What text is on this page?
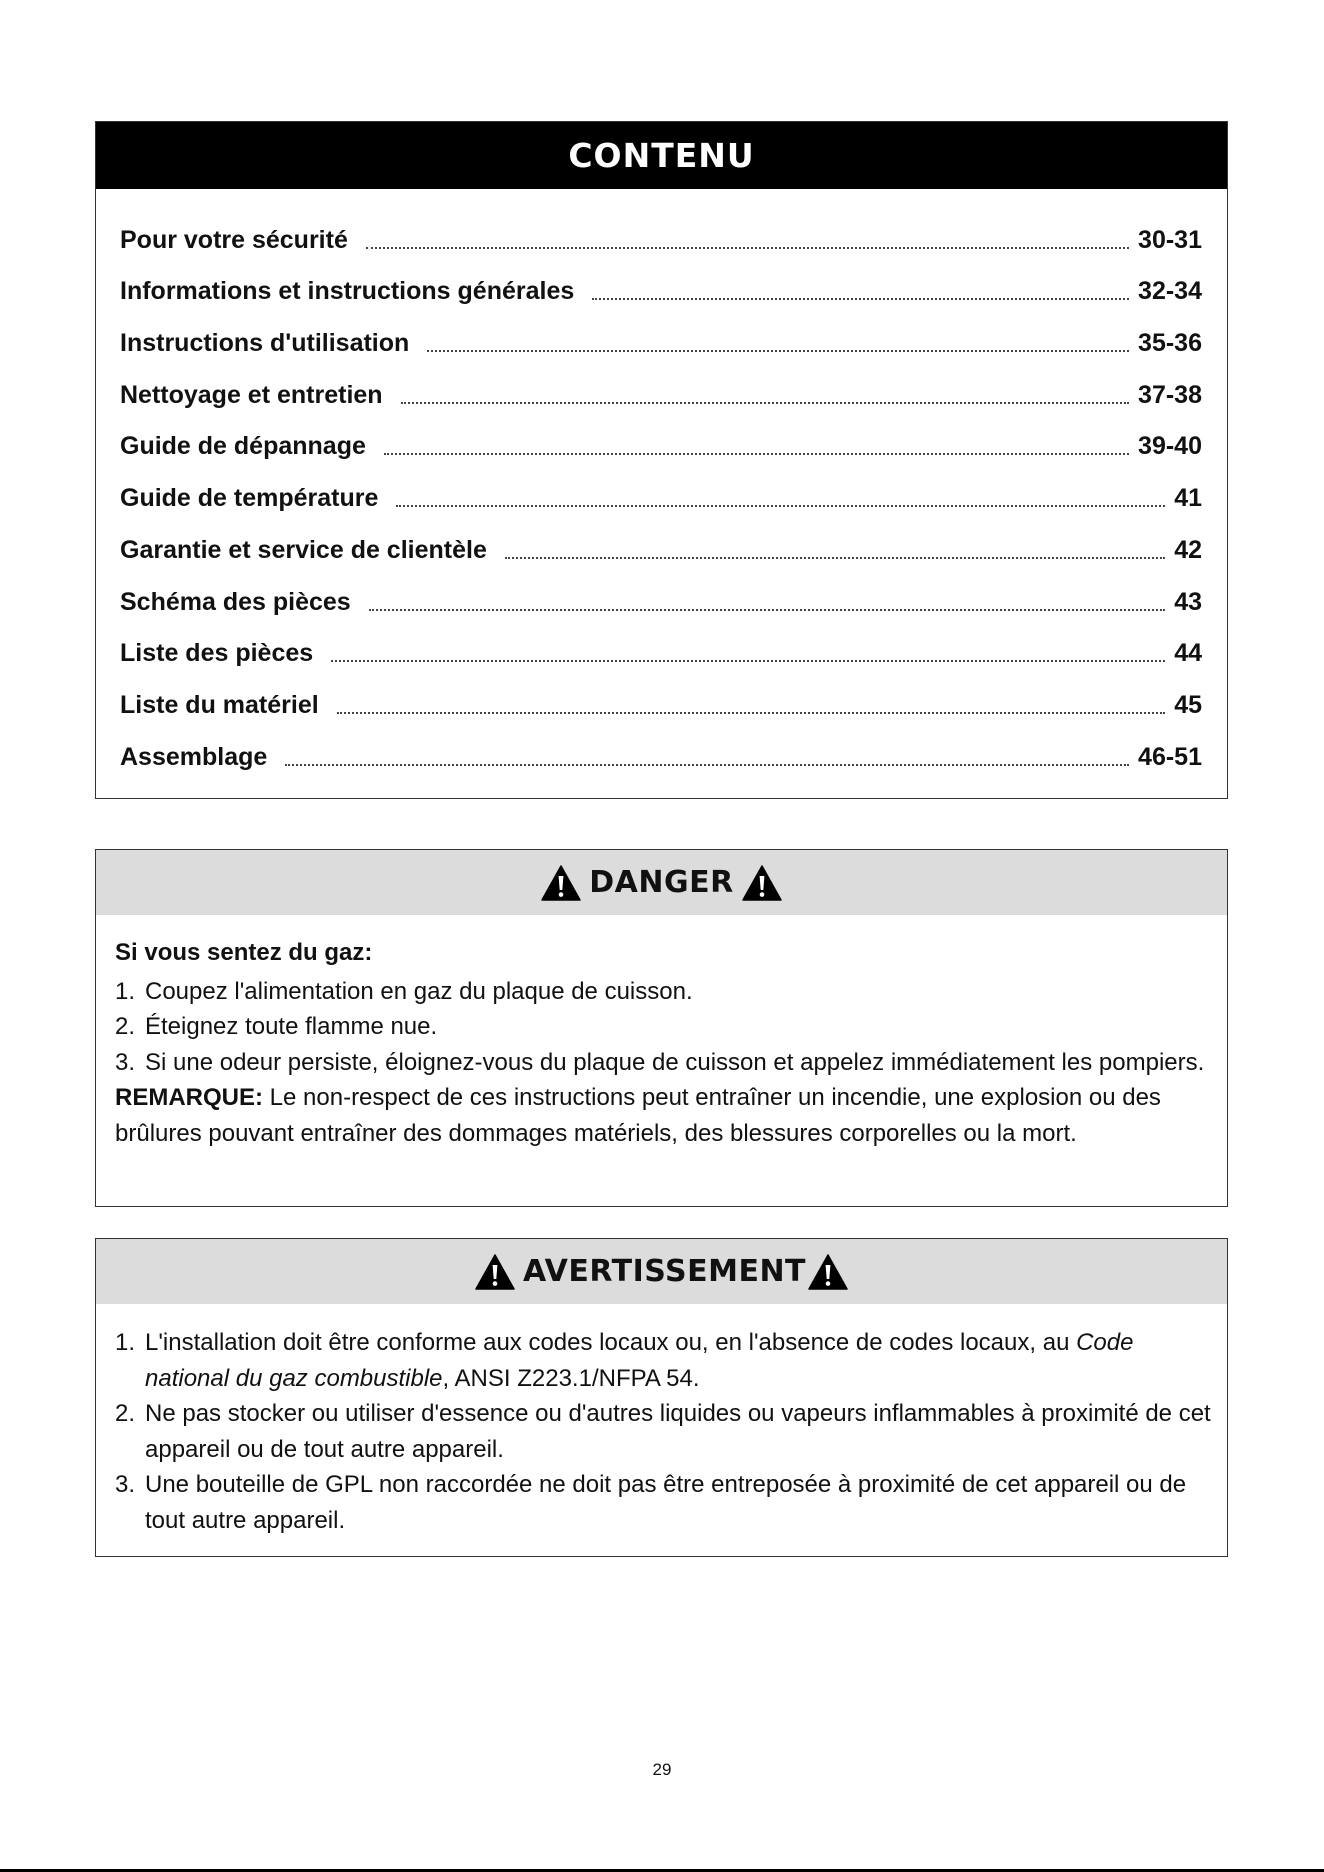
CONTENU
Pour votre sécurité	30-31
Informations et instructions générales	32-34
Instructions d'utilisation	35-36
Nettoyage et entretien	37-38
Guide de dépannage	39-40
Guide de température	41
Garantie et service de clientèle	42
Schéma des pièces	43
Liste des pièces	44
Liste du matériel	45
Assemblage	46-51
DANGER
Si vous sentez du gaz:
1. Coupez l'alimentation en gaz du plaque de cuisson.
2. Éteignez toute flamme nue.
3. Si une odeur persiste, éloignez-vous du plaque de cuisson et appelez immédiatement les pompiers.
REMARQUE: Le non-respect de ces instructions peut entraîner un incendie, une explosion ou des brûlures pouvant entraîner des dommages matériels, des blessures corporelles ou la mort.
AVERTISSEMENT
1. L'installation doit être conforme aux codes locaux ou, en l'absence de codes locaux, au Code national du gaz combustible, ANSI Z223.1/NFPA 54.
2. Ne pas stocker ou utiliser d'essence ou d'autres liquides ou vapeurs inflammables à proximité de cet appareil ou de tout autre appareil.
3. Une bouteille de GPL non raccordée ne doit pas être entreposée à proximité de cet appareil ou de tout autre appareil.
29
